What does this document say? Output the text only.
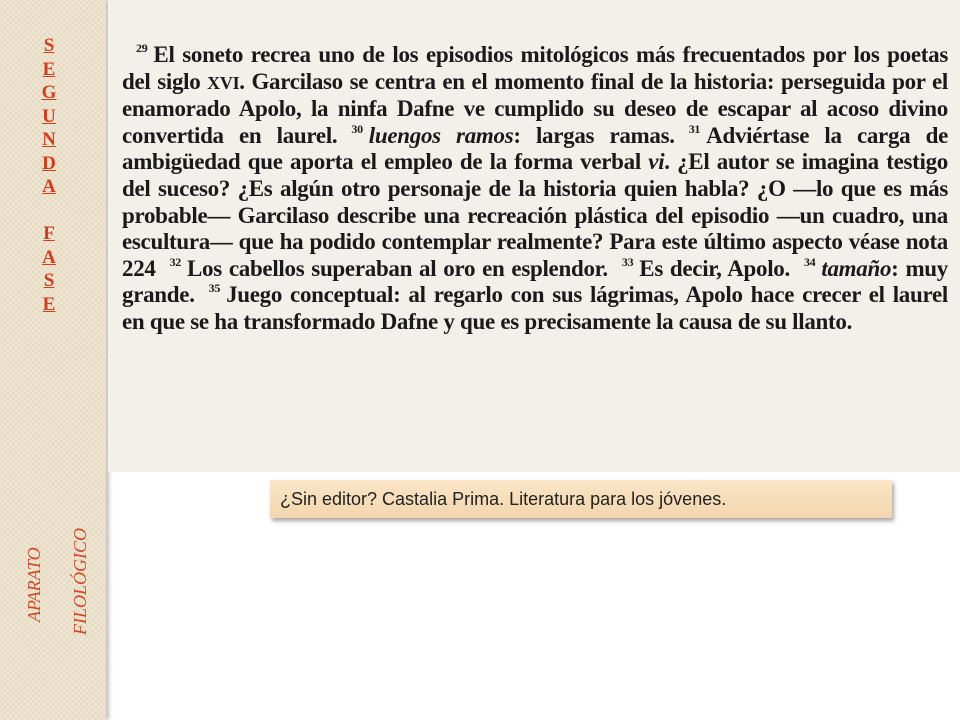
S
E
G
U
N
D
A
F
A
S
E
APARATO FILOLÓGICO

$^{29}$ El soneto recrea uno de los episodios mitológicos más frecuentados por los poetas del siglo XVI. Garcilaso se centra en el momento final de la historia: perseguida por el enamorado Apolo, la ninfa Dafne ve cumplido su deseo de escapar al acoso divino convertida en laurel. $^{30}$ luengos ramos: largas ramas. $^{31}$ Adviértase la carga de ambigüedad que aporta el empleo de la forma verbal vi. ¿El autor se imagina testigo del suceso? ¿Es algún otro personaje de la historia quien habla? ¿O —lo que es más probable— Garcilaso describe una recreación plástica del episodio —un cuadro, una escultura–– que ha podido contemplar realmente? Para este último aspecto véase nota 224 $^{32}$ Los cabellos superaban al oro en esplendor. $^{33}$ Es decir, Apolo. $^{34}$ tamaño: muy grande. $^{35}$ Juego conceptual: al regarlo con sus lágrimas, Apolo hace crecer el laurel en que se ha transformado Dafne y que es precisamente la causa de su llanto.

¿Sin editor? Castalia Prima. Literatura para los jóvenes.
